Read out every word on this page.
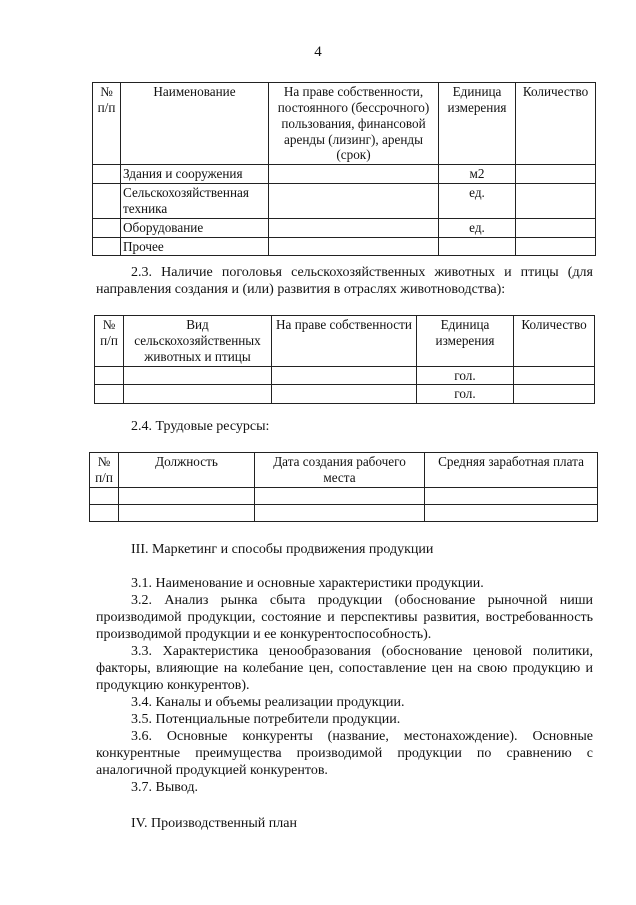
4
№ п/п	Наименование	На праве собственности, постоянного (бессрочного) пользования, финансовой аренды (лизинг), аренды (срок)	Единица измерения	Количество
	Здания и сооружения		м2	
	Сельскохозяйственная техника		ед.	
	Оборудование		ед.	
	Прочее			
2.3. Наличие поголовья сельскохозяйственных животных и птицы (для направления создания и (или) развития в отраслях животноводства):
№ п/п	Вид сельскохозяйственных животных и птицы	На праве собственности	Единица измерения	Количество
			гол.	
			гол.	
2.4. Трудовые ресурсы:
№ п/п	Должность	Дата создания рабочего места	Средняя заработная плата

III. Маркетинг и способы продвижения продукции
3.1. Наименование и основные характеристики продукции.
3.2. Анализ рынка сбыта продукции (обоснование рыночной ниши производимой продукции, состояние и перспективы развития, востребованность производимой продукции и ее конкурентоспособность).
3.3. Характеристика ценообразования (обоснование ценовой политики, факторы, влияющие на колебание цен, сопоставление цен на свою продукцию и продукцию конкурентов).
3.4. Каналы и объемы реализации продукции.
3.5. Потенциальные потребители продукции.
3.6. Основные конкуренты (название, местонахождение). Основные конкурентные преимущества производимой продукции по сравнению с аналогичной продукцией конкурентов.
3.7. Вывод.
IV. Производственный план
